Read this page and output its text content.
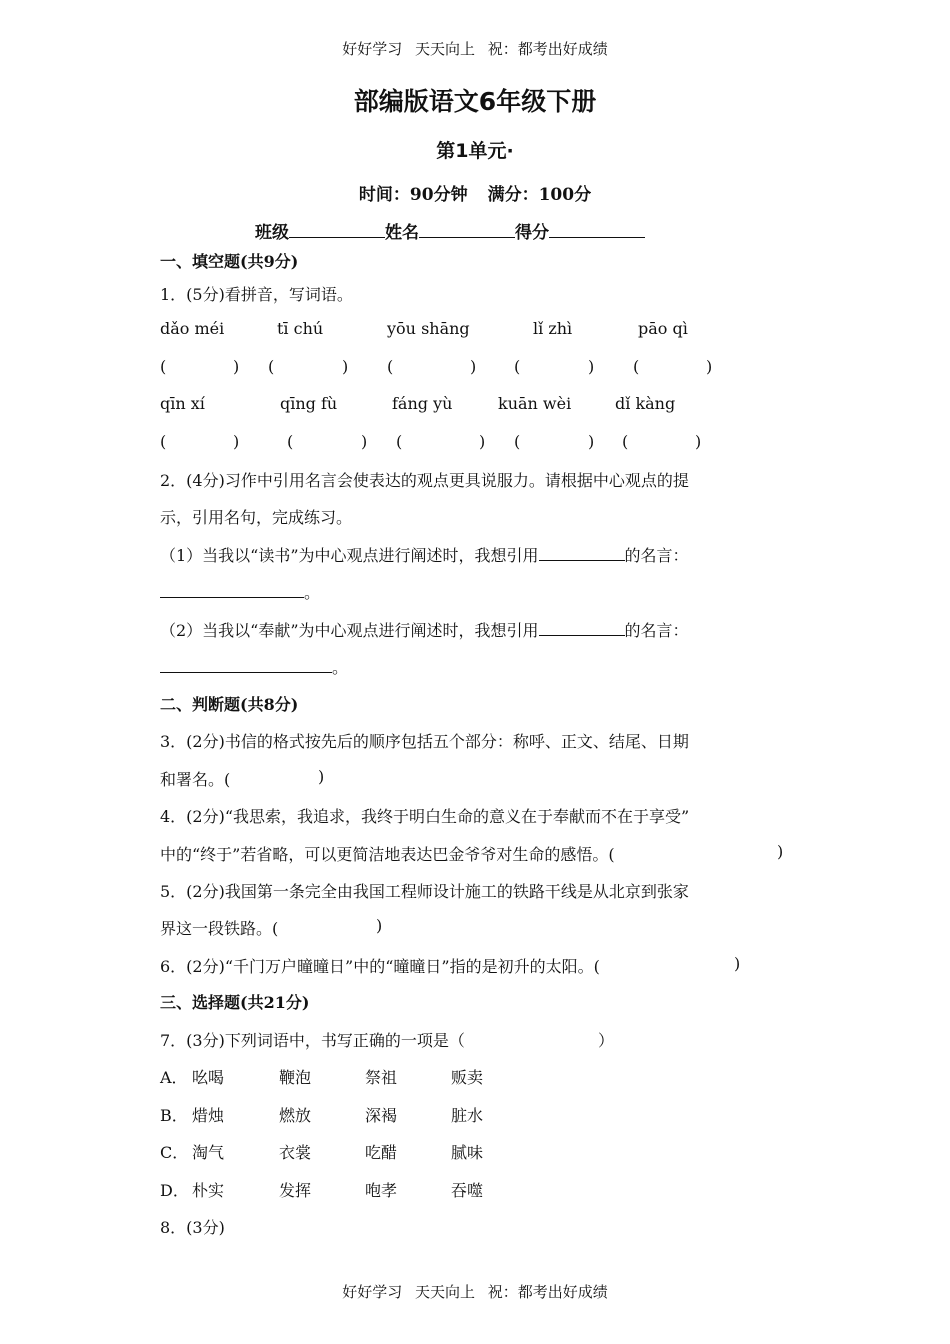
好好学习 天天向上 祝：都考出好成绩
部编版语文6年级下册
第1单元·
时间：90分钟 满分：100分
班级	姓名	得分
一、填空题(共9分)
1．(5分)看拼音，写词语。
dǎo méi	tī chú	yōu shāng	lǐ zhì	pāo qì
(	) (	) (	) (	) (	)
qīn xí	qīng fù	fáng yù	kuān wèi	dǐ kàng
(	)	(	) (	) (	) (	)
2．(4分)习作中引用名言会使表达的观点更具说服力。请根据中心观点的提
示，引用名句，完成练习。
（1）当我以“读书”为中心观点进行阐述时，我想引用	的名言：
。
（2）当我以“奉献”为中心观点进行阐述时，我想引用	的名言：
。
二、判断题(共8分)
3．(2分)书信的格式按先后的顺序包括五个部分：称呼、正文、结尾、日期
和署名。(	)
4．(2分)“我思索，我追求，我终于明白生命的意义在于奉献而不在于享受”
中的“终于”若省略，可以更简洁地表达巴金爷爷对生命的感悟。(	)
5．(2分)我国第一条完全由我国工程师设计施工的铁路干线是从北京到张家
界这一段铁路。(	)
6．(2分)“千门万户曈曈日”中的“曈曈日”指的是初升的太阳。(	)
三、选择题(共21分)
7．(3分)下列词语中，书写正确的一项是（	）
A． 吆喝	鞭泡	祭祖	贩卖
B． 焟烛	燃放	深褐	脏水
C． 淘气	衣裳	吃醋	腻味
D． 朴实	发挥	咆孝	吞噬
8．(3分)
好好学习 天天向上 祝：都考出好成绩
